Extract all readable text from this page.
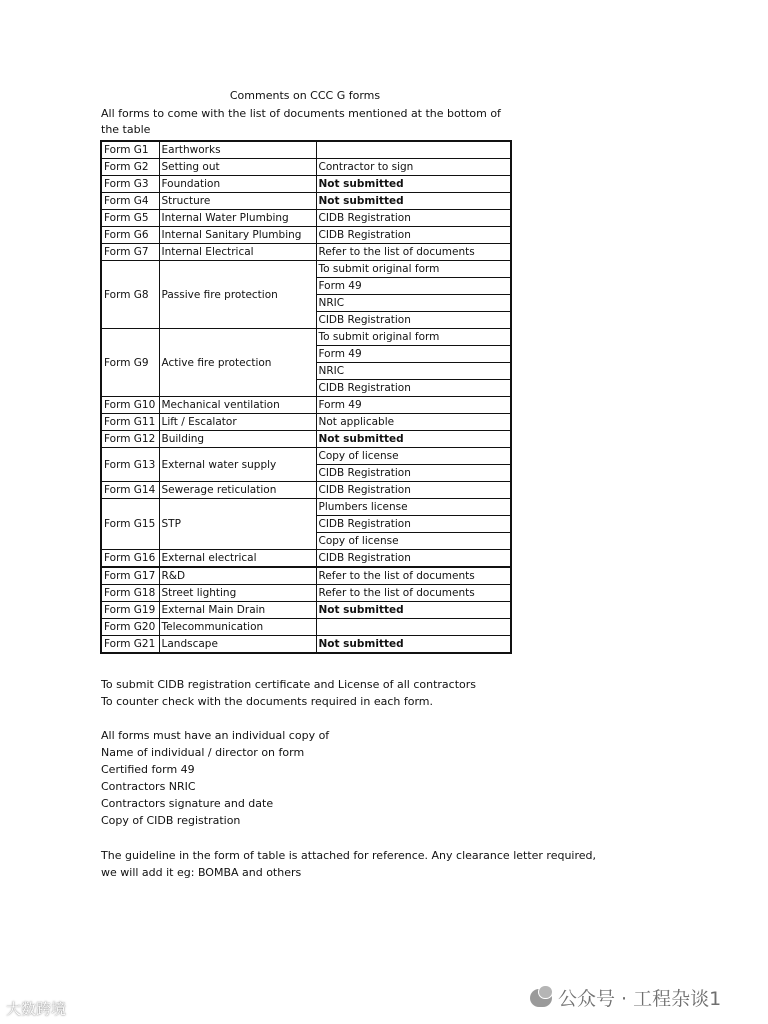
Comments on CCC G forms
All forms to come with the list of documents mentioned at the bottom of the table
Form G1	Earthworks	
Form G2	Setting out	Contractor to sign
Form G3	Foundation	Not submitted
Form G4	Structure	Not submitted
Form G5	Internal Water Plumbing	CIDB Registration
Form G6	Internal Sanitary Plumbing	CIDB Registration
Form G7	Internal Electrical	Refer to the list of documents
Form G8	Passive fire protection	To submit original form
		Form 49
		NRIC
		CIDB Registration
Form G9	Active fire protection	To submit original form
		Form 49
		NRIC
		CIDB Registration
Form G10	Mechanical ventilation	Form 49
Form G11	Lift / Escalator	Not applicable
Form G12	Building	Not submitted
Form G13	External water supply	Copy of license
		CIDB Registration
Form G14	Sewerage reticulation	CIDB Registration
Form G15	STP	Plumbers license
		CIDB Registration
		Copy of license
Form G16	External electrical	CIDB Registration
Form G17	R&D	Refer to the list of documents
Form G18	Street lighting	Refer to the list of documents
Form G19	External Main Drain	Not submitted
Form G20	Telecommunication	
Form G21	Landscape	Not submitted

To submit CIDB registration certificate and License of all contractors

To counter check with the documents required in each form.

All forms must have an individual copy of

Name of individual / director on form

Certified form 49

Contractors NRIC

Contractors signature and date

Copy of CIDB registration

The guideline in the form of table is attached for reference. Any clearance letter required,

we will add it eg: BOMBA and others

公众号 · 工程杂谈1
大数跨境
